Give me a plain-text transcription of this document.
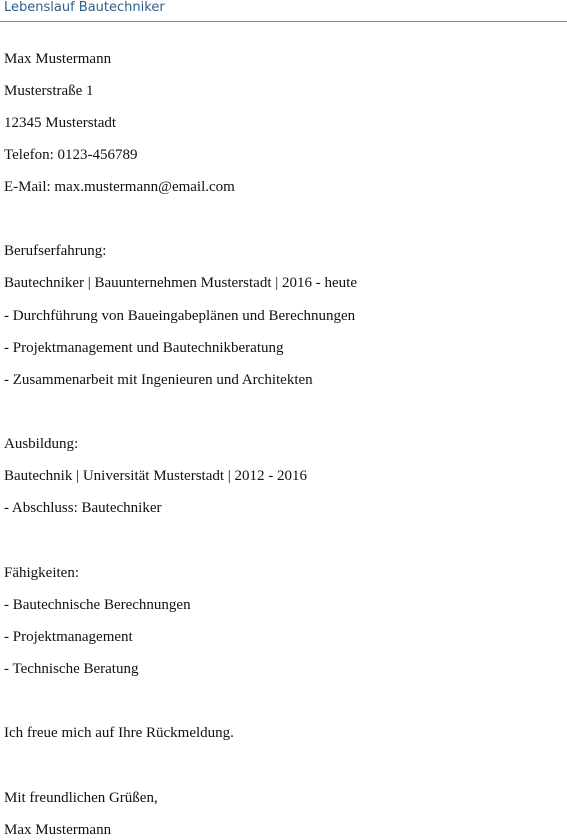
Lebenslauf Bautechniker
Max Mustermann
Musterstraße 1
12345 Musterstadt
Telefon: 0123-456789
E-Mail: max.mustermann@email.com
Berufserfahrung:
Bautechniker | Bauunternehmen Musterstadt | 2016 - heute
- Durchführung von Baueingabeplänen und Berechnungen
- Projektmanagement und Bautechnikberatung
- Zusammenarbeit mit Ingenieuren und Architekten
Ausbildung:
Bautechnik | Universität Musterstadt | 2012 - 2016
- Abschluss: Bautechniker
Fähigkeiten:
- Bautechnische Berechnungen
- Projektmanagement
- Technische Beratung
Ich freue mich auf Ihre Rückmeldung.
Mit freundlichen Grüßen,
Max Mustermann
